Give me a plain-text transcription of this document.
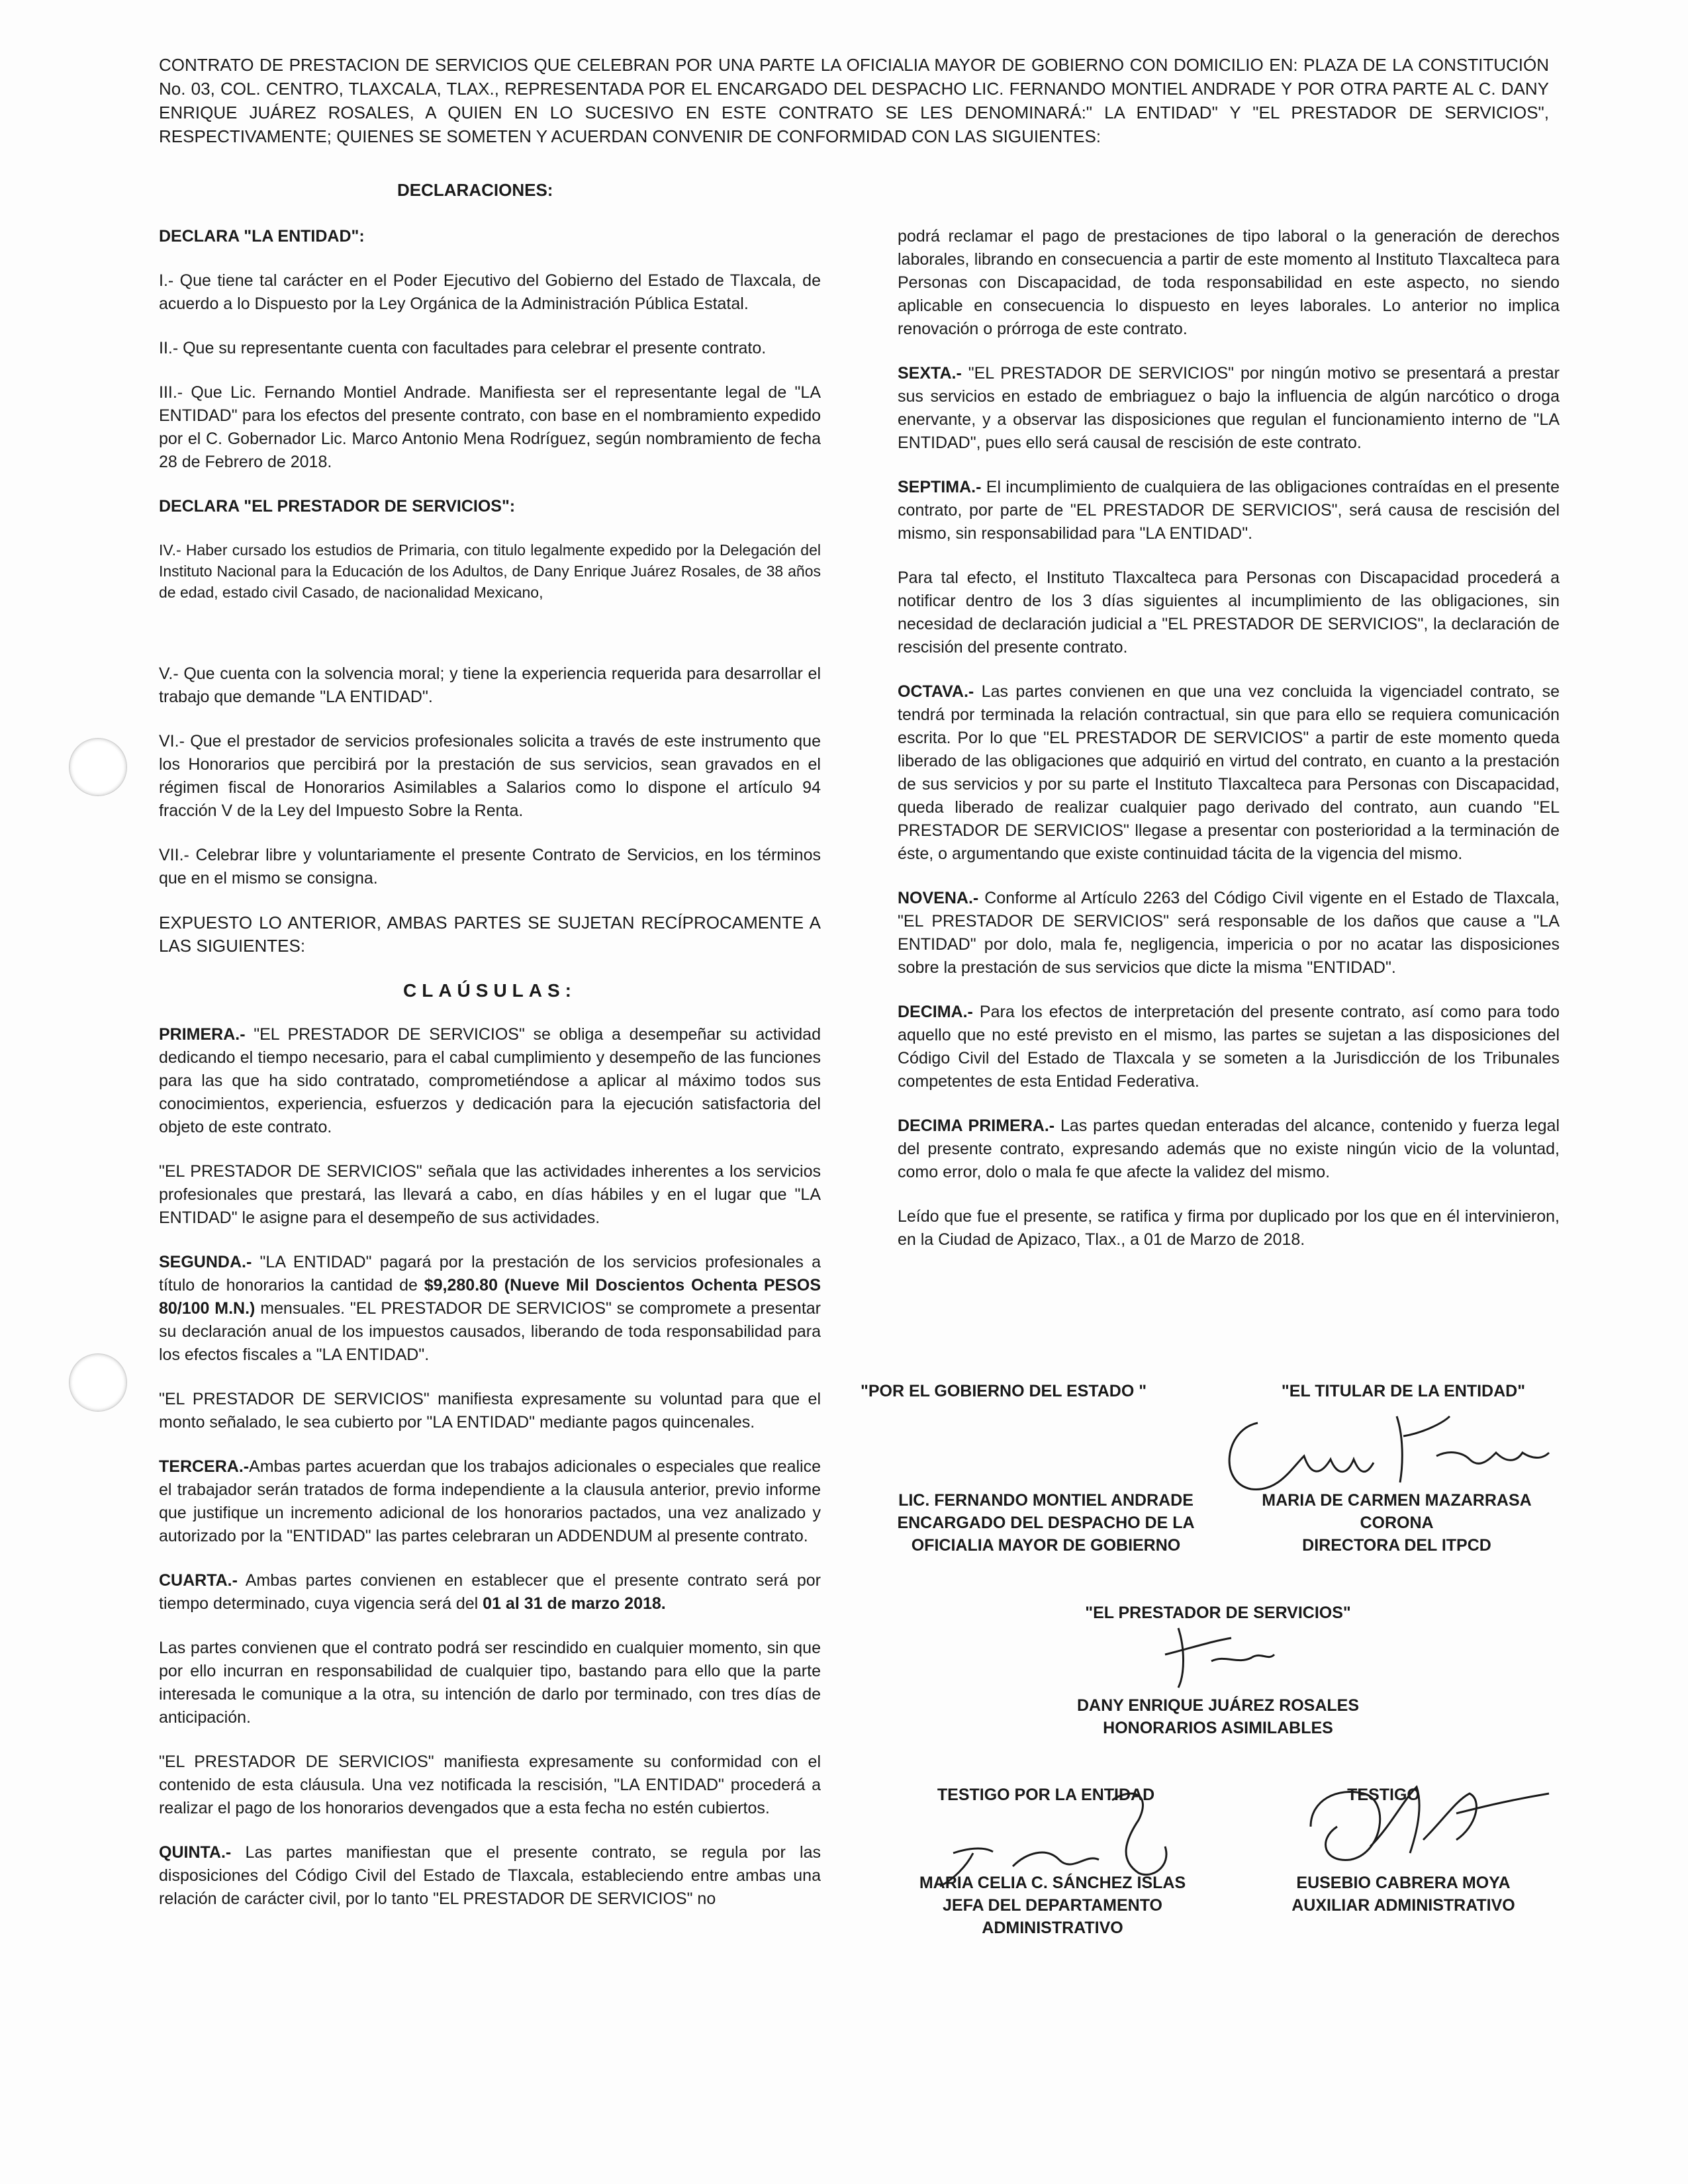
CONTRATO DE PRESTACION DE SERVICIOS QUE CELEBRAN POR UNA PARTE LA OFICIALIA MAYOR DE GOBIERNO CON DOMICILIO EN: PLAZA DE LA CONSTITUCIÓN No. 03, COL. CENTRO, TLAXCALA, TLAX., REPRESENTADA POR EL ENCARGADO DEL DESPACHO LIC. FERNANDO MONTIEL ANDRADE Y POR OTRA PARTE AL C. DANY ENRIQUE JUÁREZ ROSALES, A QUIEN EN LO SUCESIVO EN ESTE CONTRATO SE LES DENOMINARÁ:" LA ENTIDAD" Y "EL PRESTADOR DE SERVICIOS", RESPECTIVAMENTE; QUIENES SE SOMETEN Y ACUERDAN CONVENIR DE CONFORMIDAD CON LAS SIGUIENTES:
DECLARACIONES:

DECLARA "LA ENTIDAD":

I.- Que tiene tal carácter en el Poder Ejecutivo del Gobierno del Estado de Tlaxcala, de acuerdo a lo Dispuesto por la Ley Orgánica de la Administración Pública Estatal.

II.- Que su representante cuenta con facultades para celebrar el presente contrato.

III.- Que Lic. Fernando Montiel Andrade. Manifiesta ser el representante legal de "LA ENTIDAD" para los efectos del presente contrato, con base en el nombramiento expedido por el C. Gobernador Lic. Marco Antonio Mena Rodríguez, según nombramiento de fecha 28 de Febrero de 2018.

DECLARA "EL PRESTADOR DE SERVICIOS":

IV.- Haber cursado los estudios de Primaria, con titulo legalmente expedido por la Delegación del Instituto Nacional para la Educación de los Adultos, de Dany Enrique Juárez Rosales, de 38 años de edad, estado civil Casado, de nacionalidad Mexicano,

V.- Que cuenta con la solvencia moral; y tiene la experiencia requerida para desarrollar el trabajo que demande "LA ENTIDAD".

VI.- Que el prestador de servicios profesionales solicita a través de este instrumento que los Honorarios que percibirá por la prestación de sus servicios, sean gravados en el régimen fiscal de Honorarios Asimilables a Salarios como lo dispone el artículo 94 fracción V de la Ley del Impuesto Sobre la Renta.

VII.- Celebrar libre y voluntariamente el presente Contrato de Servicios, en los términos que en el mismo se consigna.

EXPUESTO LO ANTERIOR, AMBAS PARTES SE SUJETAN RECÍPROCAMENTE A LAS SIGUIENTES:

CLAÚSULAS:

PRIMERA.- "EL PRESTADOR DE SERVICIOS" se obliga a desempeñar su actividad dedicando el tiempo necesario, para el cabal cumplimiento y desempeño de las funciones para las que ha sido contratado, comprometiéndose a aplicar al máximo todos sus conocimientos, experiencia, esfuerzos y dedicación para la ejecución satisfactoria del objeto de este contrato.

"EL PRESTADOR DE SERVICIOS" señala que las actividades inherentes a los servicios profesionales que prestará, las llevará a cabo, en días hábiles y en el lugar que "LA ENTIDAD" le asigne para el desempeño de sus actividades.

SEGUNDA.- "LA ENTIDAD" pagará por la prestación de los servicios profesionales a título de honorarios la cantidad de $9,280.80 (Nueve Mil Doscientos Ochenta PESOS 80/100 M.N.) mensuales. "EL PRESTADOR DE SERVICIOS" se compromete a presentar su declaración anual de los impuestos causados, liberando de toda responsabilidad para los efectos fiscales a "LA ENTIDAD".

"EL PRESTADOR DE SERVICIOS" manifiesta expresamente su voluntad para que el monto señalado, le sea cubierto por "LA ENTIDAD" mediante pagos quincenales.

TERCERA.-Ambas partes acuerdan que los trabajos adicionales o especiales que realice el trabajador serán tratados de forma independiente a la clausula anterior, previo informe que justifique un incremento adicional de los honorarios pactados, una vez analizado y autorizado por la "ENTIDAD" las partes celebraran un ADDENDUM al presente contrato.

CUARTA.- Ambas partes convienen en establecer que el presente contrato será por tiempo determinado, cuya vigencia será del 01 al 31 de marzo 2018.

Las partes convienen que el contrato podrá ser rescindido en cualquier momento, sin que por ello incurran en responsabilidad de cualquier tipo, bastando para ello que la parte interesada le comunique a la otra, su intención de darlo por terminado, con tres días de anticipación.

"EL PRESTADOR DE SERVICIOS" manifiesta expresamente su conformidad con el contenido de esta cláusula. Una vez notificada la rescisión, "LA ENTIDAD" procederá a realizar el pago de los honorarios devengados que a esta fecha no estén cubiertos.

QUINTA.- Las partes manifiestan que el presente contrato, se regula por las disposiciones del Código Civil del Estado de Tlaxcala, estableciendo entre ambas una relación de carácter civil, por lo tanto "EL PRESTADOR DE SERVICIOS" no

podrá reclamar el pago de prestaciones de tipo laboral o la generación de derechos laborales, librando en consecuencia a partir de este momento al Instituto Tlaxcalteca para Personas con Discapacidad, de toda responsabilidad en este aspecto, no siendo aplicable en consecuencia lo dispuesto en leyes laborales. Lo anterior no implica renovación o prórroga de este contrato.

SEXTA.- "EL PRESTADOR DE SERVICIOS" por ningún motivo se presentará a prestar sus servicios en estado de embriaguez o bajo la influencia de algún narcótico o droga enervante, y a observar las disposiciones que regulan el funcionamiento interno de "LA ENTIDAD", pues ello será causal de rescisión de este contrato.

SEPTIMA.- El incumplimiento de cualquiera de las obligaciones contraídas en el presente contrato, por parte de "EL PRESTADOR DE SERVICIOS", será causa de rescisión del mismo, sin responsabilidad para "LA ENTIDAD".

Para tal efecto, el Instituto Tlaxcalteca para Personas con Discapacidad procederá a notificar dentro de los 3 días siguientes al incumplimiento de las obligaciones, sin necesidad de declaración judicial a "EL PRESTADOR DE SERVICIOS", la declaración de rescisión del presente contrato.

OCTAVA.- Las partes convienen en que una vez concluida la vigenciadel contrato, se tendrá por terminada la relación contractual, sin que para ello se requiera comunicación escrita. Por lo que "EL PRESTADOR DE SERVICIOS" a partir de este momento queda liberado de las obligaciones que adquirió en virtud del contrato, en cuanto a la prestación de sus servicios y por su parte el Instituto Tlaxcalteca para Personas con Discapacidad, queda liberado de realizar cualquier pago derivado del contrato, aun cuando "EL PRESTADOR DE SERVICIOS" llegase a presentar con posterioridad a la terminación de éste, o argumentando que existe continuidad tácita de la vigencia del mismo.

NOVENA.- Conforme al Artículo 2263 del Código Civil vigente en el Estado de Tlaxcala, "EL PRESTADOR DE SERVICIOS" será responsable de los daños que cause a "LA ENTIDAD" por dolo, mala fe, negligencia, impericia o por no acatar las disposiciones sobre la prestación de sus servicios que dicte la misma "ENTIDAD".

DECIMA.- Para los efectos de interpretación del presente contrato, así como para todo aquello que no esté previsto en el mismo, las partes se sujetan a las disposiciones del Código Civil del Estado de Tlaxcala y se someten a la Jurisdicción de los Tribunales competentes de esta Entidad Federativa.

DECIMA PRIMERA.- Las partes quedan enteradas del alcance, contenido y fuerza legal del presente contrato, expresando además que no existe ningún vicio de la voluntad, como error, dolo o mala fe que afecte la validez del mismo.

Leído que fue el presente, se ratifica y firma por duplicado por los que en él intervinieron, en la Ciudad de Apizaco, Tlax., a 01 de Marzo de 2018.

"POR EL GOBIERNO DEL ESTADO "	"EL TITULAR DE LA ENTIDAD"
LIC. FERNANDO MONTIEL ANDRADE
ENCARGADO DEL DESPACHO DE LA
OFICIALIA MAYOR DE GOBIERNO
MARIA DE CARMEN MAZARRASA
CORONA
DIRECTORA DEL ITPCD
"EL PRESTADOR DE SERVICIOS"
DANY ENRIQUE JUÁREZ ROSALES
HONORARIOS ASIMILABLES
TESTIGO POR LA ENTIDAD	TESTIGO
MARIA CELIA C. SÁNCHEZ ISLAS
JEFA DEL DEPARTAMENTO
ADMINISTRATIVO
EUSEBIO CABRERA MOYA
AUXILIAR ADMINISTRATIVO
